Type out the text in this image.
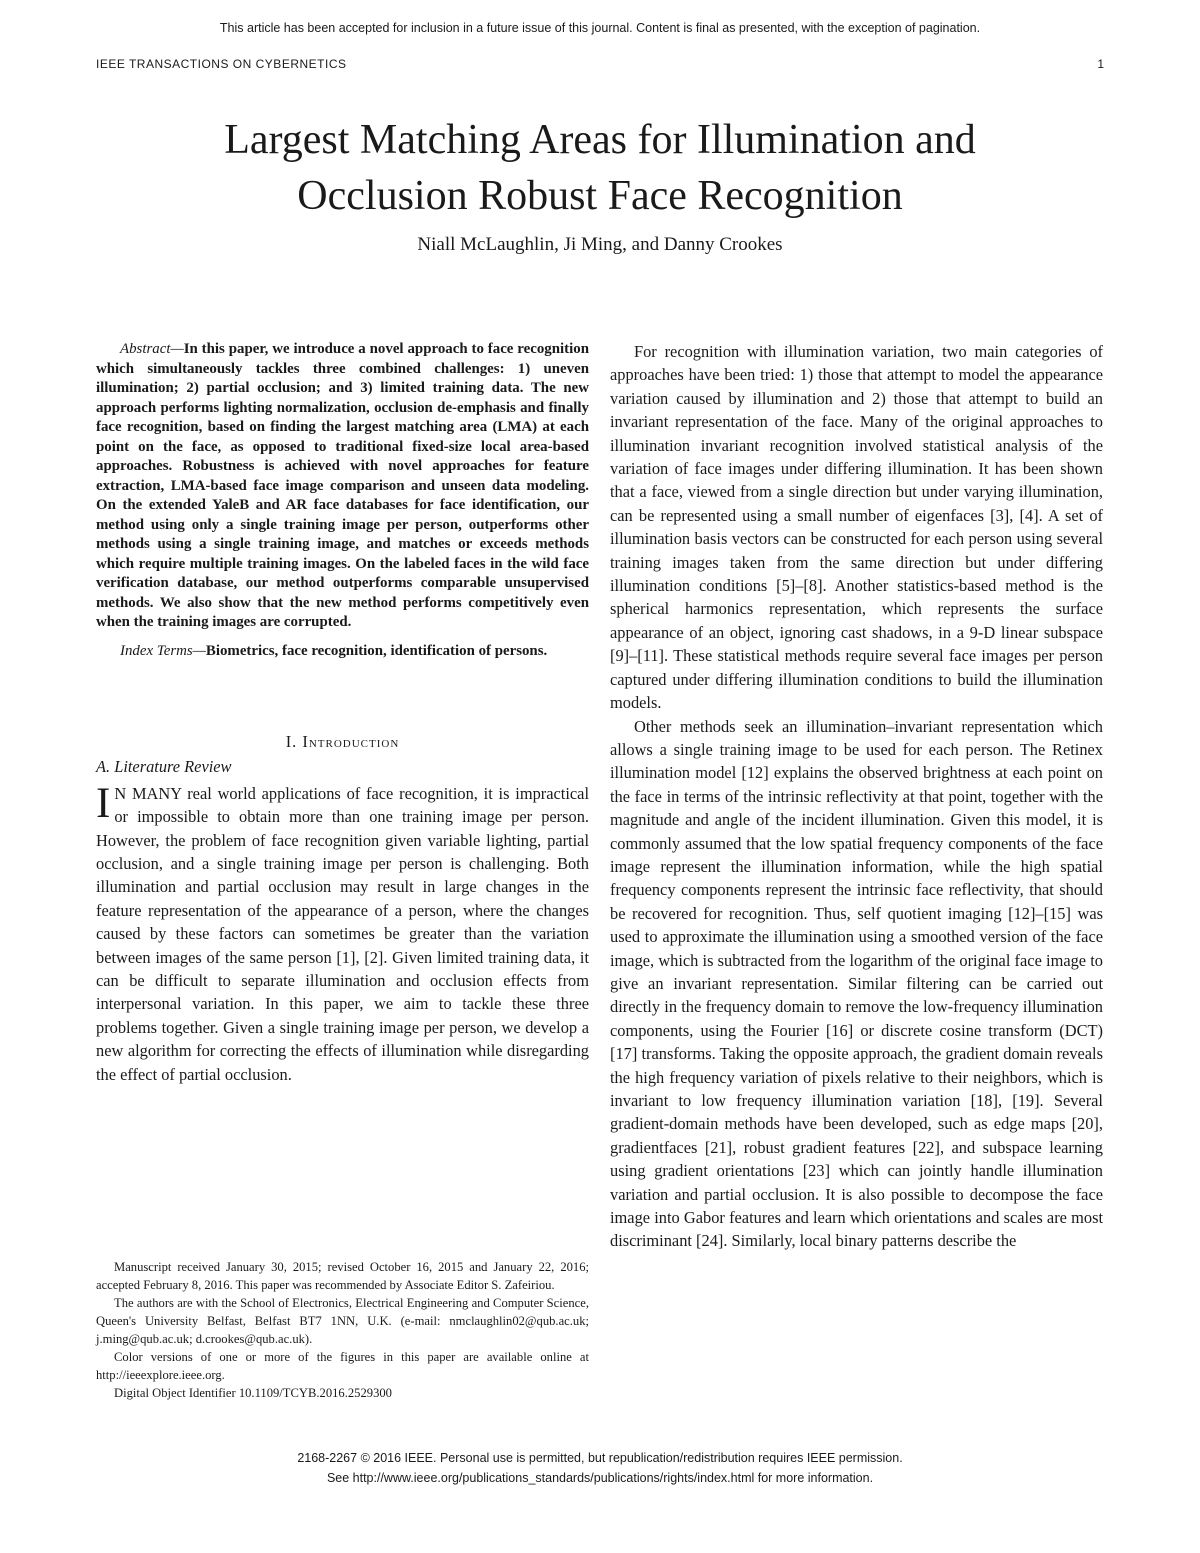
This article has been accepted for inclusion in a future issue of this journal. Content is final as presented, with the exception of pagination.
IEEE TRANSACTIONS ON CYBERNETICS	1
Largest Matching Areas for Illumination and
Occlusion Robust Face Recognition
Niall McLaughlin, Ji Ming, and Danny Crookes

Abstract—In this paper, we introduce a novel approach to face recognition which simultaneously tackles three combined challenges: 1) uneven illumination; 2) partial occlusion; and 3) limited training data. The new approach performs lighting normalization, occlusion de-emphasis and finally face recognition, based on finding the largest matching area (LMA) at each point on the face, as opposed to traditional fixed-size local area-based approaches. Robustness is achieved with novel approaches for feature extraction, LMA-based face image comparison and unseen data modeling. On the extended YaleB and AR face databases for face identification, our method using only a single training image per person, outperforms other methods using a single training image, and matches or exceeds methods which require multiple training images. On the labeled faces in the wild face verification database, our method outperforms comparable unsupervised methods. We also show that the new method performs competitively even when the training images are corrupted.

Index Terms—Biometrics, face recognition, identification of persons.

I. Introduction

A. Literature Review

I N MANY real world applications of face recognition, it is impractical or impossible to obtain more than one training image per person. However, the problem of face recognition given variable lighting, partial occlusion, and a single training image per person is challenging. Both illumination and partial occlusion may result in large changes in the feature representation of the appearance of a person, where the changes caused by these factors can sometimes be greater than the variation between images of the same person [1], [2]. Given limited training data, it can be difficult to separate illumination and occlusion effects from interpersonal variation. In this paper, we aim to tackle these three problems together. Given a single training image per person, we develop a new algorithm for correcting the effects of illumination while disregarding the effect of partial occlusion.

Manuscript received January 30, 2015; revised October 16, 2015 and January 22, 2016; accepted February 8, 2016. This paper was recommended by Associate Editor S. Zafeiriou.

The authors are with the School of Electronics, Electrical Engineering and Computer Science, Queen's University Belfast, Belfast BT7 1NN, U.K. (e-mail: nmclaughlin02@qub.ac.uk; j.ming@qub.ac.uk; d.crookes@qub.ac.uk).

Color versions of one or more of the figures in this paper are available online at http://ieeexplore.ieee.org.

Digital Object Identifier 10.1109/TCYB.2016.2529300

For recognition with illumination variation, two main categories of approaches have been tried: 1) those that attempt to model the appearance variation caused by illumination and 2) those that attempt to build an invariant representation of the face. Many of the original approaches to illumination invariant recognition involved statistical analysis of the variation of face images under differing illumination. It has been shown that a face, viewed from a single direction but under varying illumination, can be represented using a small number of eigenfaces [3], [4]. A set of illumination basis vectors can be constructed for each person using several training images taken from the same direction but under differing illumination conditions [5]–[8]. Another statistics-based method is the spherical harmonics representation, which represents the surface appearance of an object, ignoring cast shadows, in a 9-D linear subspace [9]–[11]. These statistical methods require several face images per person captured under differing illumination conditions to build the illumination models.

Other methods seek an illumination–invariant representation which allows a single training image to be used for each person. The Retinex illumination model [12] explains the observed brightness at each point on the face in terms of the intrinsic reflectivity at that point, together with the magnitude and angle of the incident illumination. Given this model, it is commonly assumed that the low spatial frequency components of the face image represent the illumination information, while the high spatial frequency components represent the intrinsic face reflectivity, that should be recovered for recognition. Thus, self quotient imaging [12]–[15] was used to approximate the illumination using a smoothed version of the face image, which is subtracted from the logarithm of the original face image to give an invariant representation. Similar filtering can be carried out directly in the frequency domain to remove the low-frequency illumination components, using the Fourier [16] or discrete cosine transform (DCT) [17] transforms. Taking the opposite approach, the gradient domain reveals the high frequency variation of pixels relative to their neighbors, which is invariant to low frequency illumination variation [18], [19]. Several gradient-domain methods have been developed, such as edge maps [20], gradientfaces [21], robust gradient features [22], and subspace learning using gradient orientations [23] which can jointly handle illumination variation and partial occlusion. It is also possible to decompose the face image into Gabor features and learn which orientations and scales are most discriminant [24]. Similarly, local binary patterns describe the

2168-2267 © 2016 IEEE. Personal use is permitted, but republication/redistribution requires IEEE permission.
See http://www.ieee.org/publications_standards/publications/rights/index.html for more information.
